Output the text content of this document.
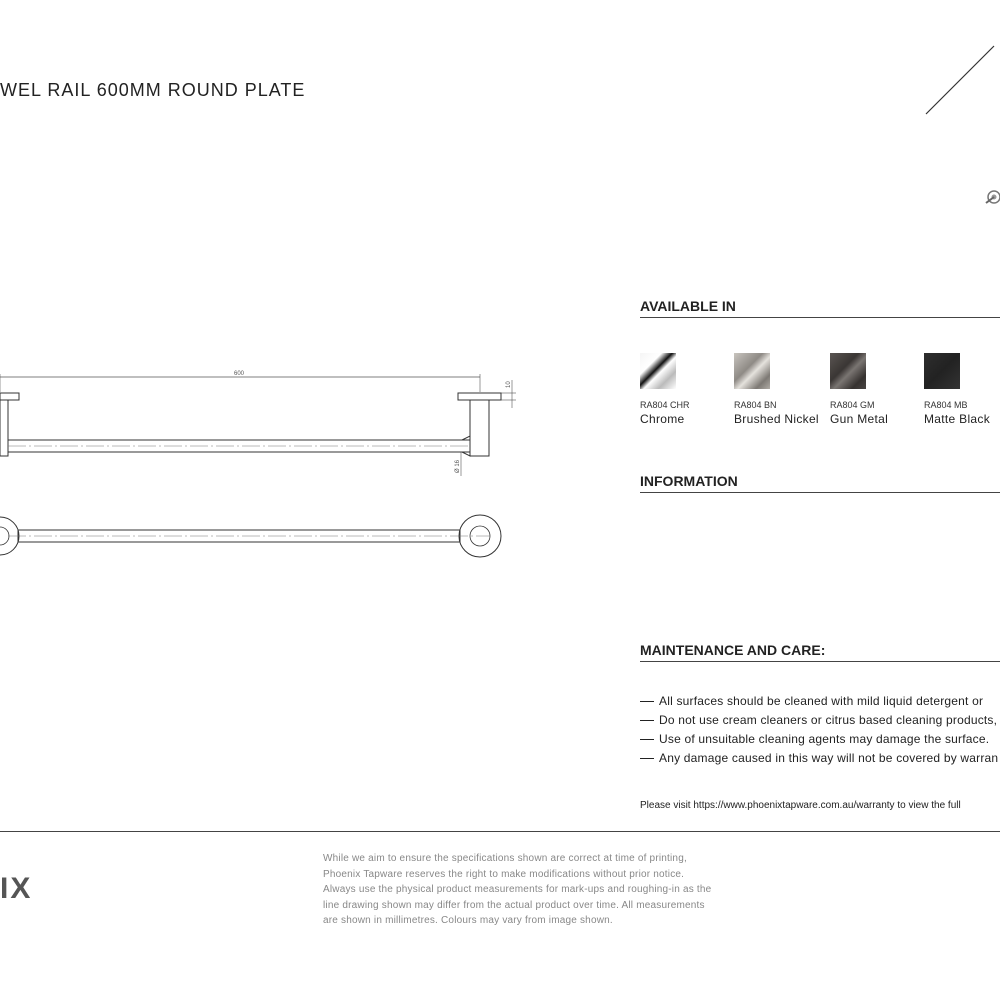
WEL RAIL 600MM ROUND PLATE
600
10
Ø 16
AVAILABLE IN
RA804 CHR
Chrome
RA804 BN
Brushed Nickel
RA804 GM
Gun Metal
RA804 MB
Matte Black
INFORMATION
MAINTENANCE AND CARE:
All surfaces should be cleaned with mild liquid detergent or
Do not use cream cleaners or citrus based cleaning products,
Use of unsuitable cleaning agents may damage the surface.
Any damage caused in this way will not be covered by warran
Please visit https://www.phoenixtapware.com.au/warranty to view the full
IX
While we aim to ensure the specifications shown are correct at time of printing,
Phoenix Tapware reserves the right to make modifications without prior notice.
Always use the physical product measurements for mark-ups and roughing-in as the
line drawing shown may differ from the actual product over time. All measurements
are shown in millimetres. Colours may vary from image shown.
